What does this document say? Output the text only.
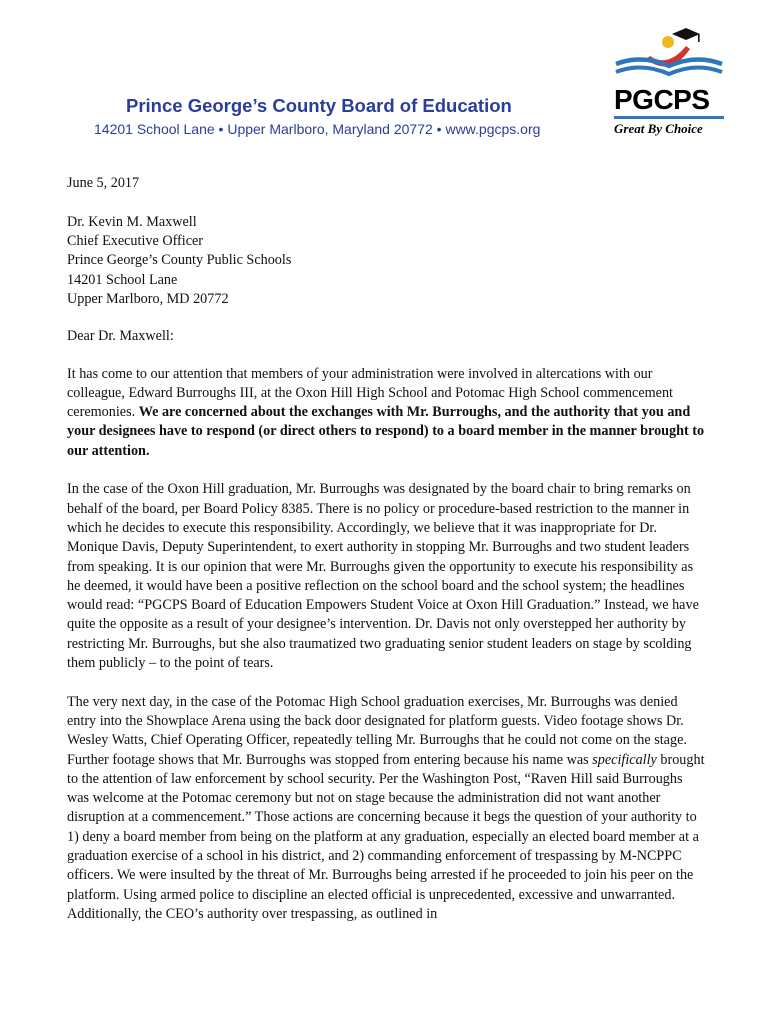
Prince George’s County Board of Education
14201 School Lane • Upper Marlboro, Maryland 20772 • www.pgcps.org
PGCPS
Great By Choice

June 5, 2017

Dr. Kevin M. Maxwell

Chief Executive Officer

Prince George’s County Public Schools

14201 School Lane

Upper Marlboro, MD 20772

Dear Dr. Maxwell:

It has come to our attention that members of your administration were involved in altercations with our colleague, Edward Burroughs III, at the Oxon Hill High School and Potomac High School commencement ceremonies. We are concerned about the exchanges with Mr. Burroughs, and the authority that you and your designees have to respond (or direct others to respond) to a board member in the manner brought to our attention.

In the case of the Oxon Hill graduation, Mr. Burroughs was designated by the board chair to bring remarks on behalf of the board, per Board Policy 8385. There is no policy or procedure-based restriction to the manner in which he decides to execute this responsibility. Accordingly, we believe that it was inappropriate for Dr. Monique Davis, Deputy Superintendent, to exert authority in stopping Mr. Burroughs and two student leaders from speaking. It is our opinion that were Mr. Burroughs given the opportunity to execute his responsibility as he deemed, it would have been a positive reflection on the school board and the school system; the headlines would read: “PGCPS Board of Education Empowers Student Voice at Oxon Hill Graduation.” Instead, we have quite the opposite as a result of your designee’s intervention. Dr. Davis not only overstepped her authority by restricting Mr. Burroughs, but she also traumatized two graduating senior student leaders on stage by scolding them publicly – to the point of tears.

The very next day, in the case of the Potomac High School graduation exercises, Mr. Burroughs was denied entry into the Showplace Arena using the back door designated for platform guests. Video footage shows Dr. Wesley Watts, Chief Operating Officer, repeatedly telling Mr. Burroughs that he could not come on the stage. Further footage shows that Mr. Burroughs was stopped from entering because his name was specifically brought to the attention of law enforcement by school security. Per the Washington Post, “Raven Hill said Burroughs was welcome at the Potomac ceremony but not on stage because the administration did not want another disruption at a commencement.” Those actions are concerning because it begs the question of your authority to 1) deny a board member from being on the platform at any graduation, especially an elected board member at a graduation exercise of a school in his district, and 2) commanding enforcement of trespassing by M-NCPPC officers. We were insulted by the threat of Mr. Burroughs being arrested if he proceeded to join his peer on the platform. Using armed police to discipline an elected official is unprecedented, excessive and unwarranted. Additionally, the CEO’s authority over trespassing, as outlined in
